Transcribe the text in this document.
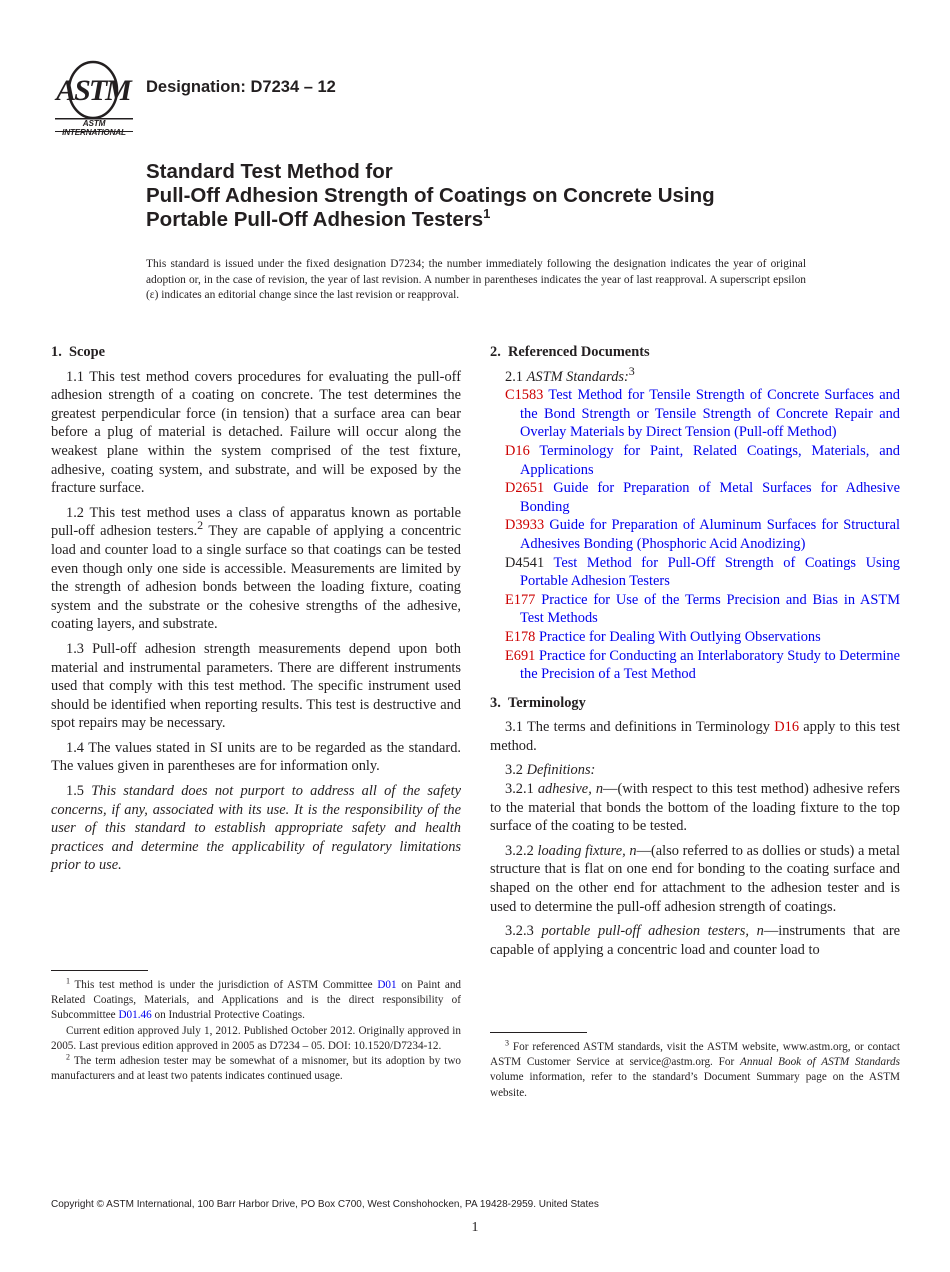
ASTM
ASTM INTERNATIONAL
Designation: D7234 – 12
Standard Test Method for
Pull-Off Adhesion Strength of Coatings on Concrete Using
Portable Pull-Off Adhesion Testers$^1$
This standard is issued under the fixed designation D7234; the number immediately following the designation indicates the year of original adoption or, in the case of revision, the year of last revision. A number in parentheses indicates the year of last reapproval. A superscript epsilon (ε) indicates an editorial change since the last revision or reapproval.
1. Scope

1.1 This test method covers procedures for evaluating the pull-off adhesion strength of a coating on concrete. The test determines the greatest perpendicular force (in tension) that a surface area can bear before a plug of material is detached. Failure will occur along the weakest plane within the system comprised of the test fixture, adhesive, coating system, and substrate, and will be exposed by the fracture surface.

1.2 This test method uses a class of apparatus known as portable pull-off adhesion testers.$^2$ They are capable of applying a concentric load and counter load to a single surface so that coatings can be tested even though only one side is accessible. Measurements are limited by the strength of adhesion bonds between the loading fixture, coating system and the substrate or the cohesive strengths of the adhesive, coating layers, and substrate.

1.3 Pull-off adhesion strength measurements depend upon both material and instrumental parameters. There are different instruments used that comply with this test method. The specific instrument used should be identified when reporting results. This test is destructive and spot repairs may be necessary.

1.4 The values stated in SI units are to be regarded as the standard. The values given in parentheses are for information only.

1.5 This standard does not purport to address all of the safety concerns, if any, associated with its use. It is the responsibility of the user of this standard to establish appropriate safety and health practices and determine the applicability of regulatory limitations prior to use.

$^1$ This test method is under the jurisdiction of ASTM Committee D01 on Paint and Related Coatings, Materials, and Applications and is the direct responsibility of Subcommittee D01.46 on Industrial Protective Coatings.

Current edition approved July 1, 2012. Published October 2012. Originally approved in 2005. Last previous edition approved in 2005 as D7234 – 05. DOI: 10.1520/D7234-12.

$^2$ The term adhesion tester may be somewhat of a misnomer, but its adoption by two manufacturers and at least two patents indicates continued usage.

2. Referenced Documents

2.1 ASTM Standards:$^3$

C1583 Test Method for Tensile Strength of Concrete Surfaces and the Bond Strength or Tensile Strength of Concrete Repair and Overlay Materials by Direct Tension (Pull-off Method)

D16 Terminology for Paint, Related Coatings, Materials, and Applications

D2651 Guide for Preparation of Metal Surfaces for Adhesive Bonding

D3933 Guide for Preparation of Aluminum Surfaces for Structural Adhesives Bonding (Phosphoric Acid Anodizing)

D4541 Test Method for Pull-Off Strength of Coatings Using Portable Adhesion Testers

E177 Practice for Use of the Terms Precision and Bias in ASTM Test Methods

E178 Practice for Dealing With Outlying Observations

E691 Practice for Conducting an Interlaboratory Study to Determine the Precision of a Test Method

3. Terminology

3.1 The terms and definitions in Terminology D16 apply to this test method.

3.2 Definitions:

3.2.1 adhesive, n—(with respect to this test method) adhesive refers to the material that bonds the bottom of the loading fixture to the top surface of the coating to be tested.

3.2.2 loading fixture, n—(also referred to as dollies or studs) a metal structure that is flat on one end for bonding to the coating surface and shaped on the other end for attachment to the adhesion tester and is used to determine the pull-off adhesion strength of coatings.

3.2.3 portable pull-off adhesion testers, n—instruments that are capable of applying a concentric load and counter load to

$^3$ For referenced ASTM standards, visit the ASTM website, www.astm.org, or contact ASTM Customer Service at service@astm.org. For Annual Book of ASTM Standards volume information, refer to the standard’s Document Summary page on the ASTM website.

Copyright © ASTM International, 100 Barr Harbor Drive, PO Box C700, West Conshohocken, PA 19428-2959. United States
1
